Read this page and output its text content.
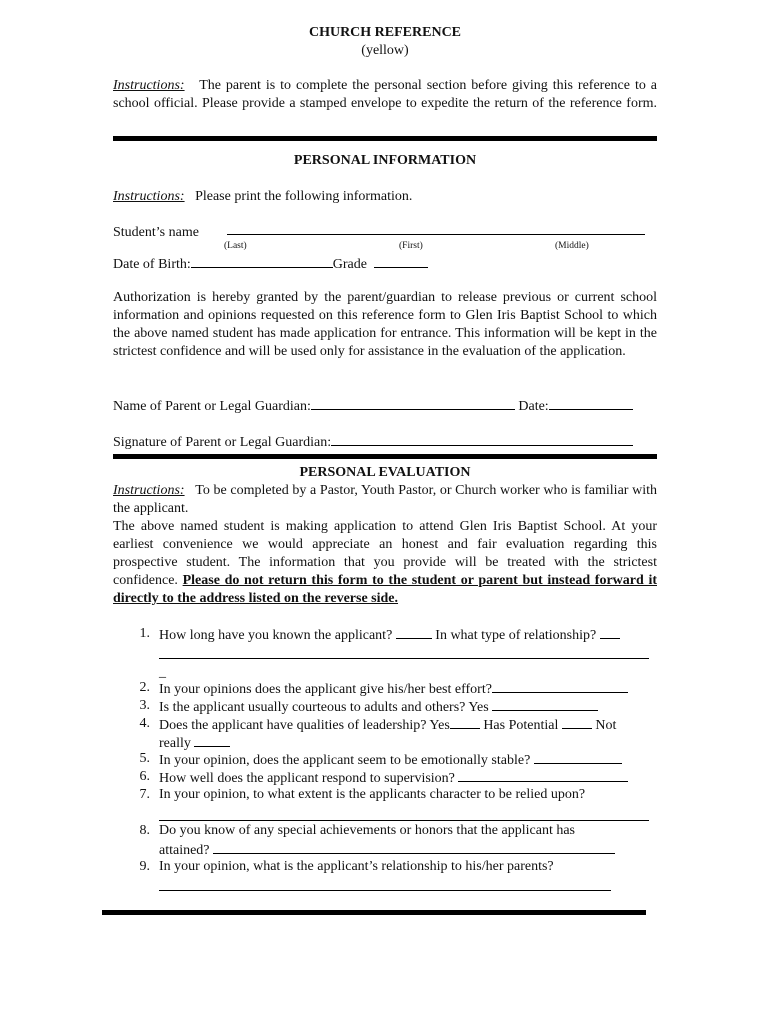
CHURCH REFERENCE
(yellow)
Instructions: The parent is to complete the personal section before giving this reference to a school official. Please provide a stamped envelope to expedite the return of the reference form.
PERSONAL INFORMATION
Instructions: Please print the following information.
Student’s name
(Last)	(First)	(Middle)
Date of Birth:	Grade
Authorization is hereby granted by the parent/guardian to release previous or current school information and opinions requested on this reference form to Glen Iris Baptist School to which the above named student has made application for entrance. This information will be kept in the strictest confidence and will be used only for assistance in the evaluation of the application.
Name of Parent or Legal Guardian:	Date:
Signature of Parent or Legal Guardian:
PERSONAL EVALUATION
Instructions: To be completed by a Pastor, Youth Pastor, or Church worker who is familiar with the applicant.
The above named student is making application to attend Glen Iris Baptist School. At your earliest convenience we would appreciate an honest and fair evaluation regarding this prospective student. The information that you provide will be treated with the strictest confidence. Please do not return this form to the student or parent but instead forward it directly to the address listed on the reverse side.
1. How long have you known the applicant?	In what type of relationship?
_
2. In your opinions does the applicant give his/her best effort?
3. Is the applicant usually courteous to adults and others? Yes
4. Does the applicant have qualities of leadership? Yes Has Potential	Not
really
5. In your opinion, does the applicant seem to be emotionally stable?
6. How well does the applicant respond to supervision?
7. In your opinion, to what extent is the applicants character to be relied upon?
8. Do you know of any special achievements or honors that the applicant has
attained?
9. In your opinion, what is the applicant’s relationship to his/her parents?
